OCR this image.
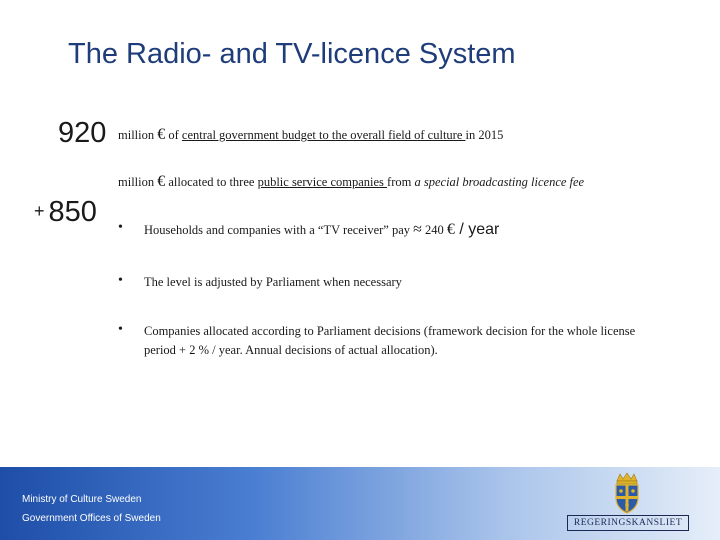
The Radio- and TV-licence System
920 million € of central government budget to the overall field of culture in 2015
million € allocated to three public service companies from a special broadcasting licence fee
+ 850 • Households and companies with a “TV receiver” pay ≈ 240 € / year
• The level is adjusted by Parliament when necessary
• Companies allocated according to Parliament decisions (framework decision for the whole license period + 2 % / year. Annual decisions of actual allocation).
Ministry of Culture Sweden
Government Offices of Sweden	REGERINGSKANSLIET
